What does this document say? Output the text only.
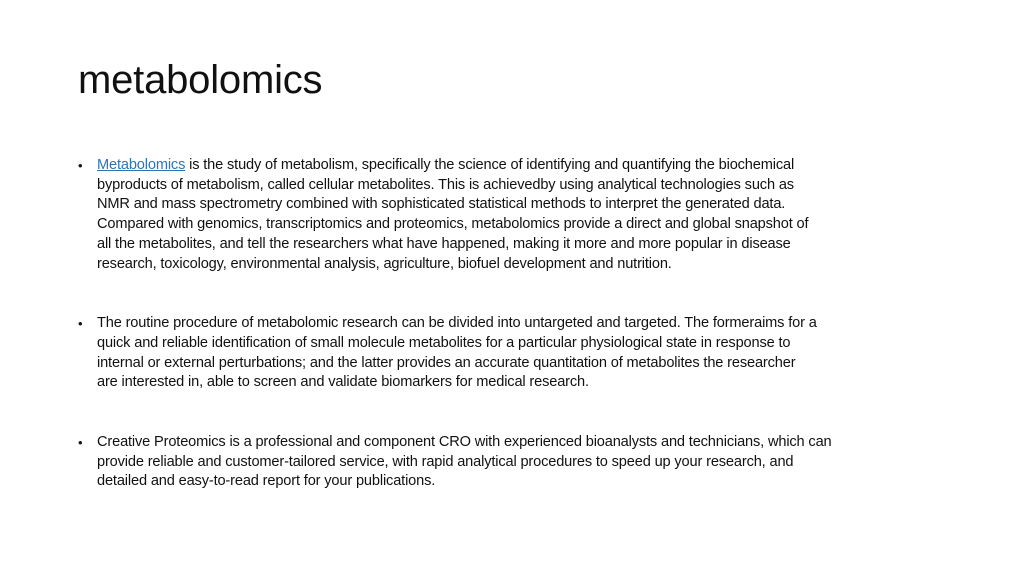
metabolomics
• Metabolomics is the study of metabolism, specifically the science of identifying and quantifying the biochemical
byproducts of metabolism, called cellular metabolites. This is achievedby using analytical technologies such as
NMR and mass spectrometry combined with sophisticated statistical methods to interpret the generated data.
Compared with genomics, transcriptomics and proteomics, metabolomics provide a direct and global snapshot of
all the metabolites, and tell the researchers what have happened, making it more and more popular in disease
research, toxicology, environmental analysis, agriculture, biofuel development and nutrition.
• The routine procedure of metabolomic research can be divided into untargeted and targeted. The formeraims for a
quick and reliable identification of small molecule metabolites for a particular physiological state in response to
internal or external perturbations; and the latter provides an accurate quantitation of metabolites the researcher
are interested in, able to screen and validate biomarkers for medical research.
• Creative Proteomics is a professional and component CRO with experienced bioanalysts and technicians, which can
provide reliable and customer-tailored service, with rapid analytical procedures to speed up your research, and
detailed and easy-to-read report for your publications.
